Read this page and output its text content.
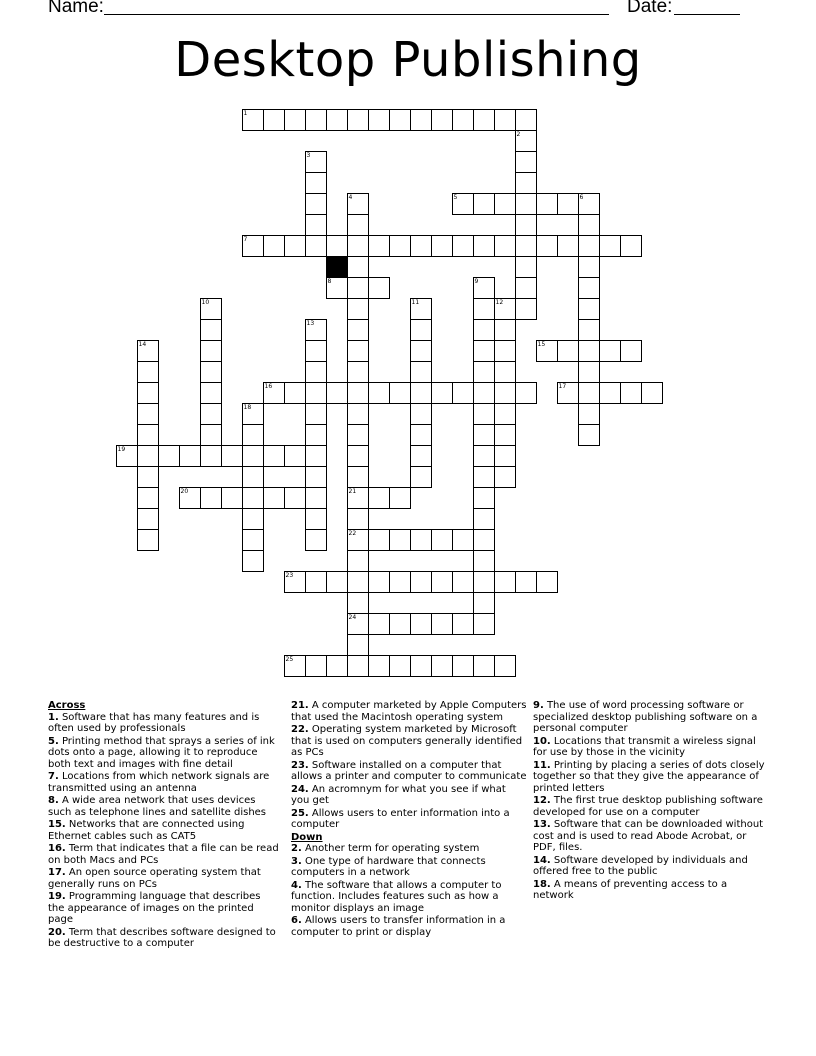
Name:	Date:
Desktop Publishing
1
5
7
8
15
16	17
19
20	21
22
23
24
25
2
3
4	6
9
10	11	12
13
14
18

Across

1. Software that has many features and is often used by professionals

5. Printing method that sprays a series of ink dots onto a page, allowing it to reproduce both text and images with fine detail

7. Locations from which network signals are transmitted using an antenna

8. A wide area network that uses devices such as telephone lines and satellite dishes

15. Networks that are connected using Ethernet cables such as CAT5

16. Term that indicates that a file can be read on both Macs and PCs

17. An open source operating system that generally runs on PCs

19. Programming language that describes the appearance of images on the printed page

20. Term that describes software designed to be destructive to a computer

21. A computer marketed by Apple Computers that used the Macintosh operating system

22. Operating system marketed by Microsoft that is used on computers generally identified as PCs

23. Software installed on a computer that allows a printer and computer to communicate

24. An acromnym for what you see if what you get

25. Allows users to enter information into a computer

Down

2. Another term for operating system

3. One type of hardware that connects computers in a network

4. The software that allows a computer to function. Includes features such as how a monitor displays an image

6. Allows users to transfer information in a computer to print or display

9. The use of word processing software or specialized desktop publishing software on a personal computer

10. Locations that transmit a wireless signal for use by those in the vicinity

11. Printing by placing a series of dots closely together so that they give the appearance of printed letters

12. The first true desktop publishing software developed for use on a computer

13. Software that can be downloaded without cost and is used to read Abode Acrobat, or PDF, files.

14. Software developed by individuals and offered free to the public

18. A means of preventing access to a network
